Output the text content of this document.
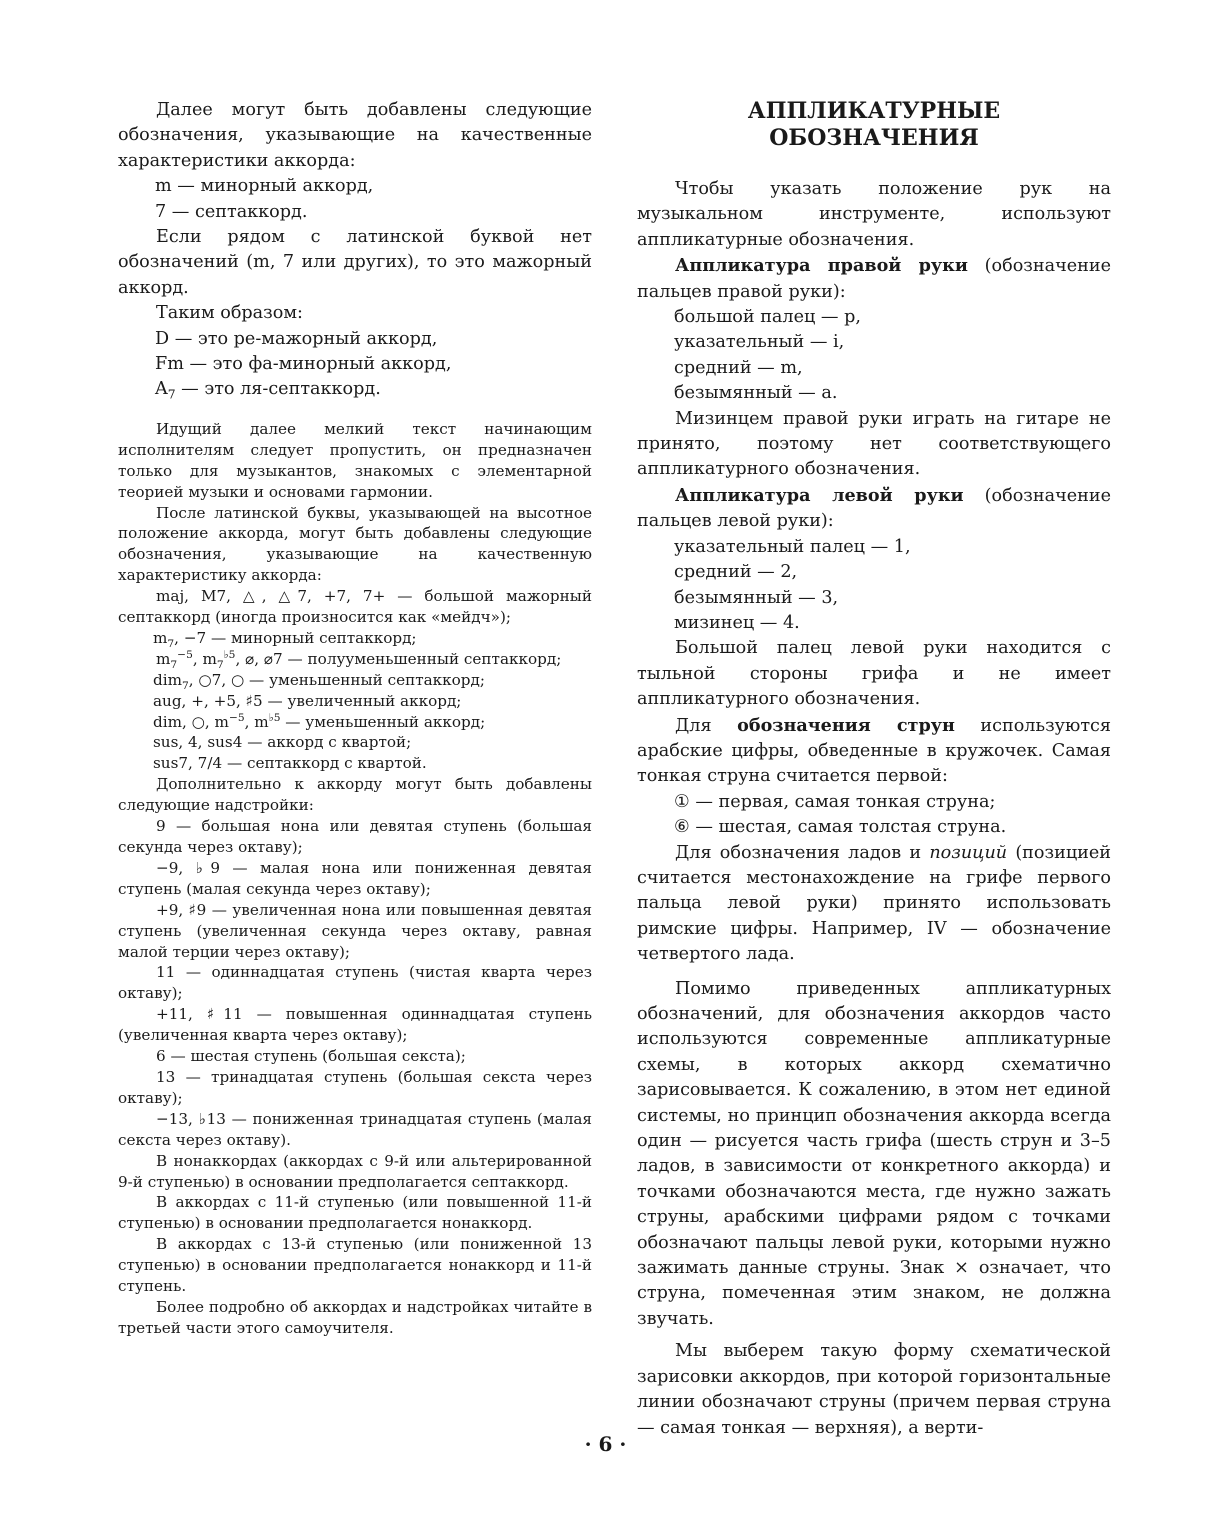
Далее могут быть добавлены следующие обозначения, указывающие на качественные характеристики аккорда:

m — минорный аккорд,

7 — септаккорд.

Если рядом с латинской буквой нет обозначений (m, 7 или других), то это мажорный аккорд.

Таким образом:

D — это ре-мажорный аккорд,

Fm — это фа-минорный аккорд,

$A_7$ — это ля-септаккорд.

Идущий далее мелкий текст начинающим исполнителям следует пропустить, он предназначен только для музыкантов, знакомых с элементарной теорией музыки и основами гармонии.

После латинской буквы, указывающей на высотное положение аккорда, могут быть добавлены следующие обозначения, указывающие на качественную характеристику аккорда:

maj, M7, △, △7, +7, 7+ — большой мажорный септаккорд (иногда произносится как «мейдч»);

$m_7$, −7 — минорный септаккорд;

$m_7^{-5}$, $m_7^{♭5}$, ⌀, ⌀7 — полууменьшенный септаккорд;

dim$_7$, ○7, ○ — уменьшенный септаккорд;

aug, +, +5, ♯5 — увеличенный аккорд;

dim, ○, $m^{-5}$, $m^{♭5}$ — уменьшенный аккорд;

sus, 4, sus4 — аккорд с квартой;

sus7, 7/4 — септаккорд с квартой.

Дополнительно к аккорду могут быть добавлены следующие надстройки:

9 — большая нона или девятая ступень (большая секунда через октаву);

−9, ♭9 — малая нона или пониженная девятая ступень (малая секунда через октаву);

+9, ♯9 — увеличенная нона или повышенная девятая ступень (увеличенная секунда через октаву, равная малой терции через октаву);

11 — одиннадцатая ступень (чистая кварта через октаву);

+11, ♯11 — повышенная одиннадцатая ступень (увеличенная кварта через октаву);

6 — шестая ступень (большая секста);

13 — тринадцатая ступень (большая секста через октаву);

−13, ♭13 — пониженная тринадцатая ступень (малая секста через октаву).

В нонаккордах (аккордах с 9-й или альтерированной 9-й ступенью) в основании предполагается септаккорд.

В аккордах с 11-й ступенью (или повышенной 11-й ступенью) в основании предполагается нонаккорд.

В аккордах с 13-й ступенью (или пониженной 13 ступенью) в основании предполагается нонаккорд и 11-й ступень.

Более подробно об аккордах и надстройках читайте в третьей части этого самоучителя.

АППЛИКАТУРНЫЕ
ОБОЗНАЧЕНИЯ

Чтобы указать положение рук на музыкальном инструменте, используют аппликатурные обозначения.

Аппликатура правой руки (обозначение пальцев правой руки):

большой палец — p,

указательный — i,

средний — m,

безымянный — a.

Мизинцем правой руки играть на гитаре не принято, поэтому нет соответствующего аппликатурного обозначения.

Аппликатура левой руки (обозначение пальцев левой руки):

указательный палец — 1,

средний — 2,

безымянный — 3,

мизинец — 4.

Большой палец левой руки находится с тыльной стороны грифа и не имеет аппликатурного обозначения.

Для обозначения струн используются арабские цифры, обведенные в кружочек. Самая тонкая струна считается первой:

① — первая, самая тонкая струна;

⑥ — шестая, самая толстая струна.

Для обозначения ладов и позиций (позицией считается местонахождение на грифе первого пальца левой руки) принято использовать римские цифры. Например, IV — обозначение четвертого лада.

Помимо приведенных аппликатурных обозначений, для обозначения аккордов часто используются современные аппликатурные схемы, в которых аккорд схематично зарисовывается. К сожалению, в этом нет единой системы, но принцип обозначения аккорда всегда один — рисуется часть грифа (шесть струн и 3–5 ладов, в зависимости от конкретного аккорда) и точками обозначаются места, где нужно зажать струны, арабскими цифрами рядом с точками обозначают пальцы левой руки, которыми нужно зажимать данные струны. Знак × означает, что струна, помеченная этим знаком, не должна звучать.

Мы выберем такую форму схематической зарисовки аккордов, при которой горизонтальные линии обозначают струны (причем первая струна — самая тонкая — верхняя), а верти-

· 6 ·
